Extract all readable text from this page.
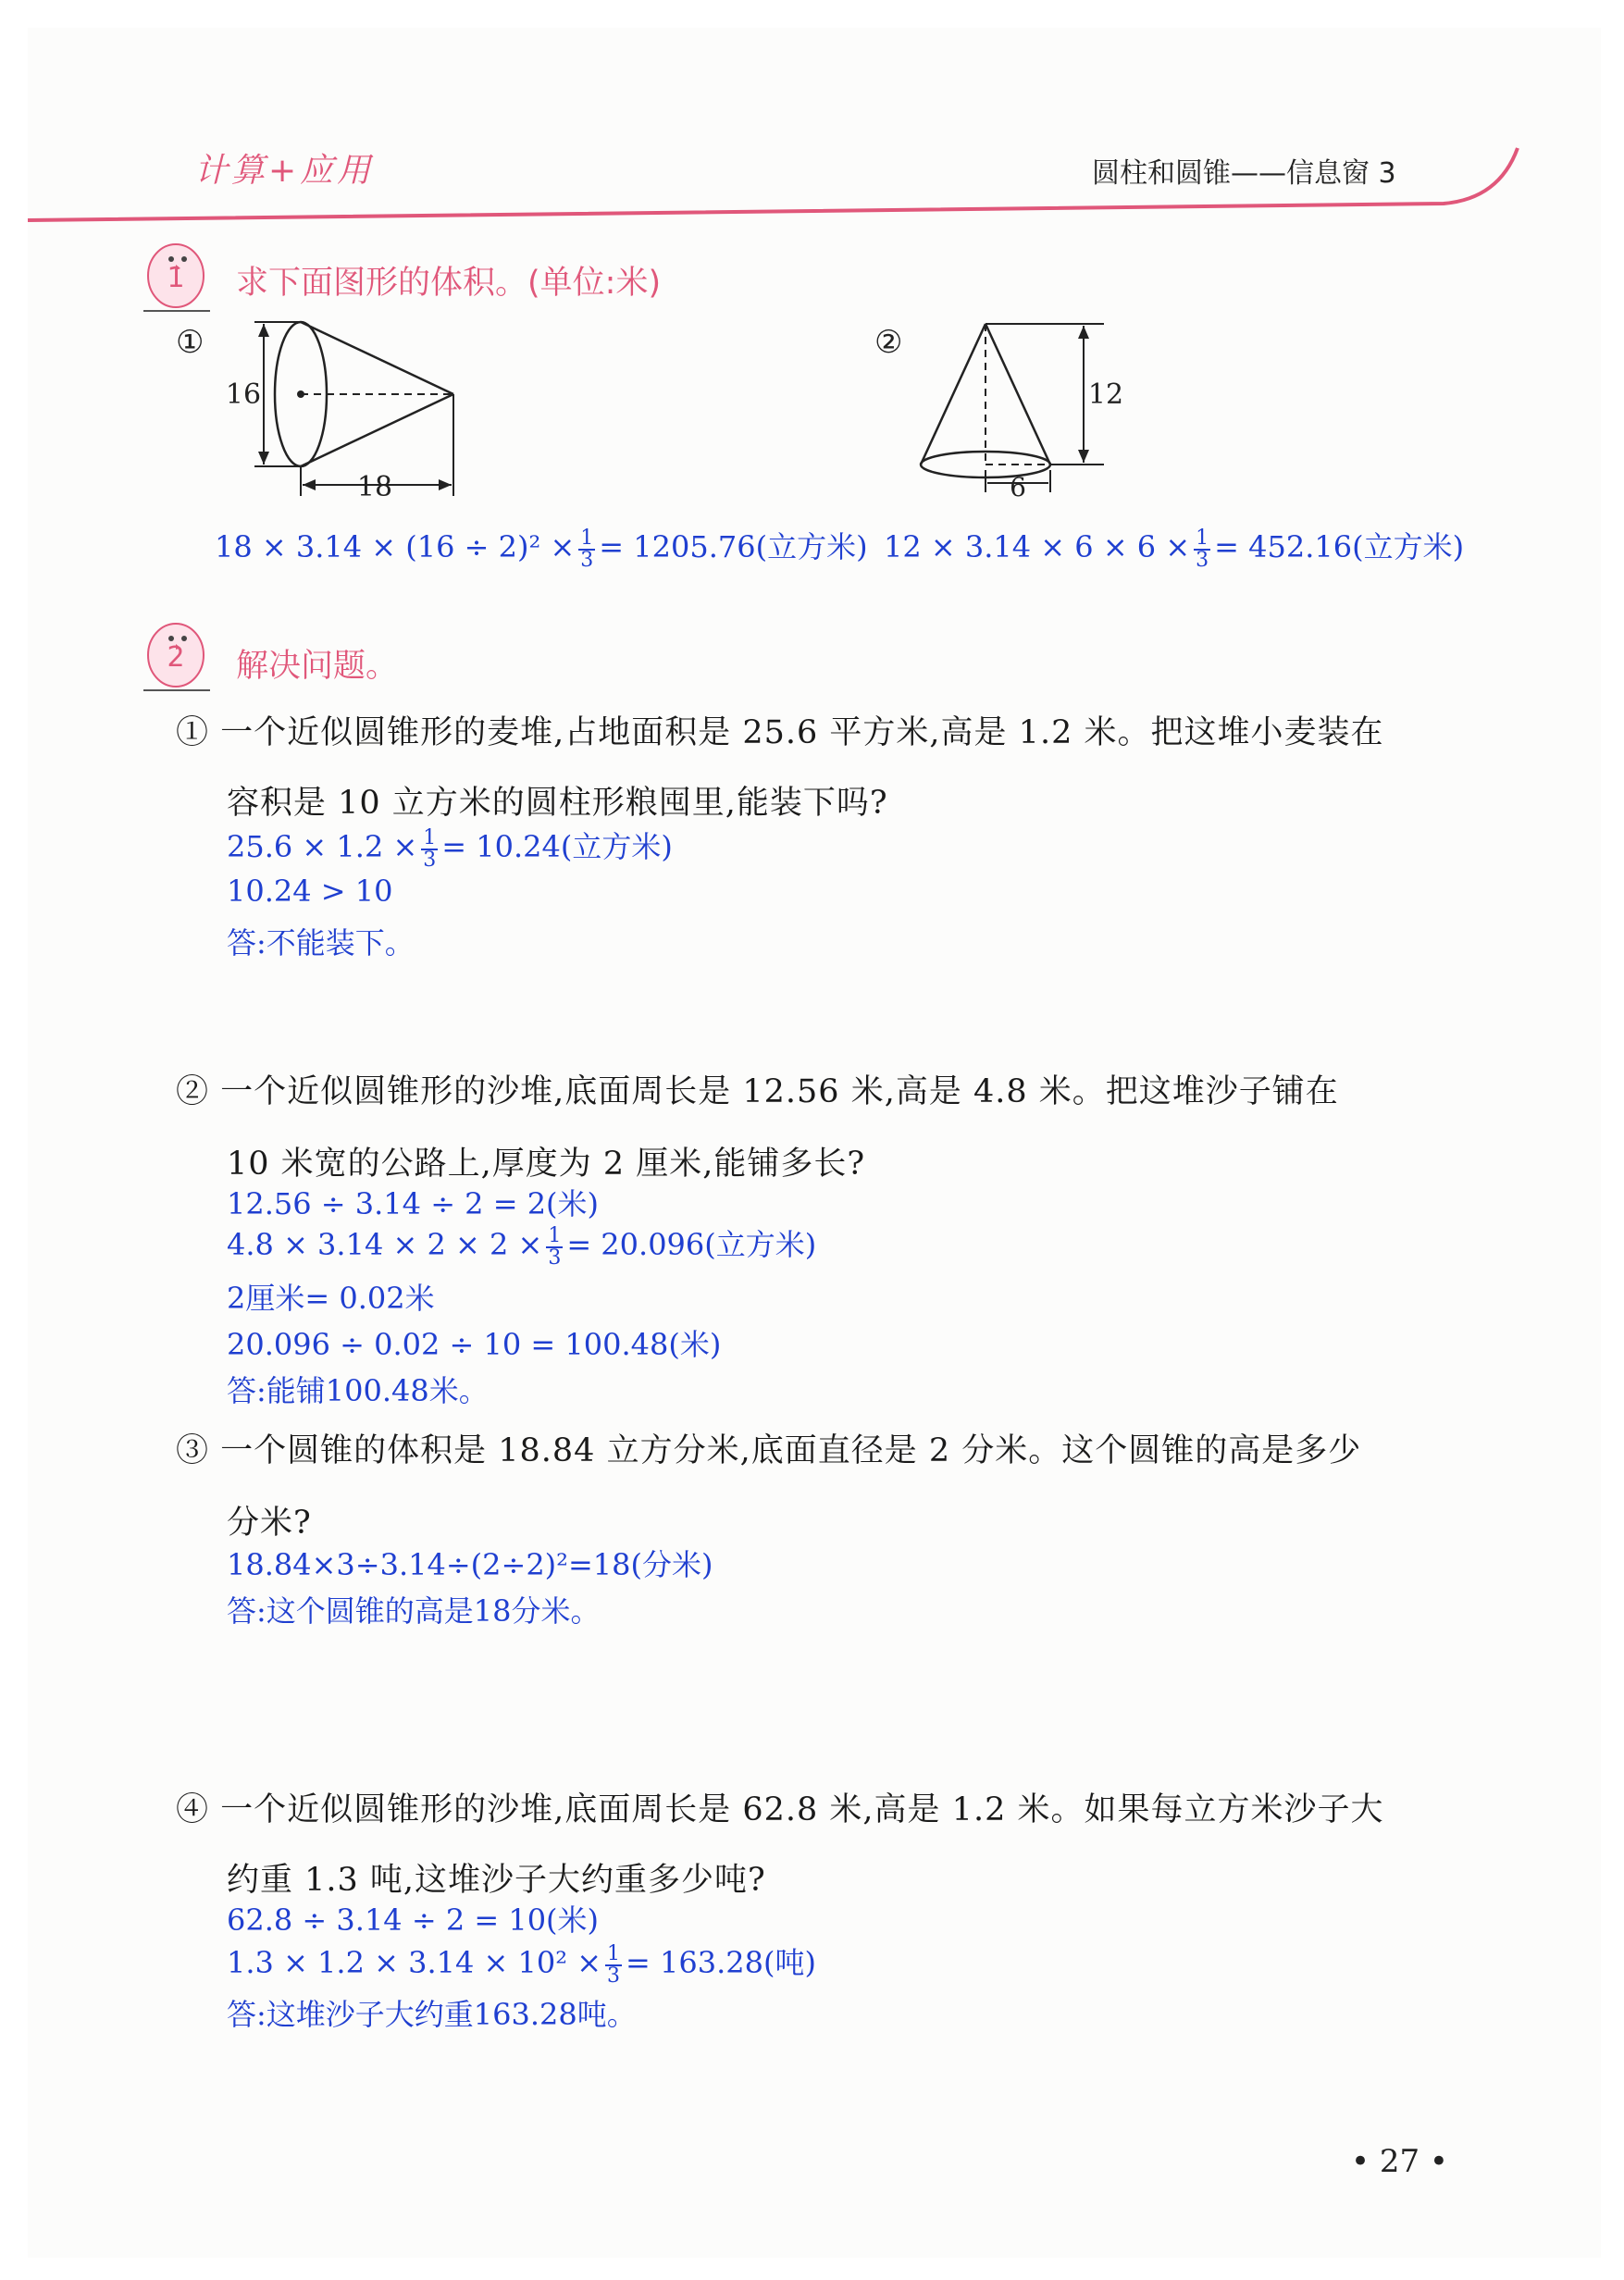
计算+应用	圆柱和圆锥——信息窗 3
1 求下面图形的体积。(单位:米)
①
16
18
②
12
6
$18 \times 3.14 \times (16 \div 2)^2 \times \frac{1}{3} = 1205.76$(立方米) $12 \times 3.14 \times 6 \times 6 \times \frac{1}{3} = 452.16$(立方米)
2 解决问题。
① 一个近似圆锥形的麦堆,占地面积是 25.6 平方米,高是 1.2 米。把这堆小麦装在
容积是 10 立方米的圆柱形粮囤里,能装下吗?
$25.6 \times 1.2 \times \frac{1}{3} = 10.24$(立方米)
10.24 > 10
答:不能装下。
② 一个近似圆锥形的沙堆,底面周长是 12.56 米,高是 4.8 米。把这堆沙子铺在
10 米宽的公路上,厚度为 2 厘米,能铺多长?
12.56 ÷ 3.14 ÷ 2 = 2(米)
$4.8 \times 3.14 \times 2 \times 2 \times \frac{1}{3} = 20.096$(立方米)
2厘米= 0.02米
20.096 ÷ 0.02 ÷ 10 = 100.48(米)
答:能铺100.48米。
③ 一个圆锥的体积是 18.84 立方分米,底面直径是 2 分米。这个圆锥的高是多少
分米?
18.84×3÷3.14÷(2÷2)²=18(分米)
答:这个圆锥的高是18分米。
④ 一个近似圆锥形的沙堆,底面周长是 62.8 米,高是 1.2 米。如果每立方米沙子大
约重 1.3 吨,这堆沙子大约重多少吨?
62.8 ÷ 3.14 ÷ 2 = 10(米)
$1.3 \times 1.2 \times 3.14 \times 10^2 \times \frac{1}{3} = 163.28$(吨)
答:这堆沙子大约重163.28吨。
• 27 •
